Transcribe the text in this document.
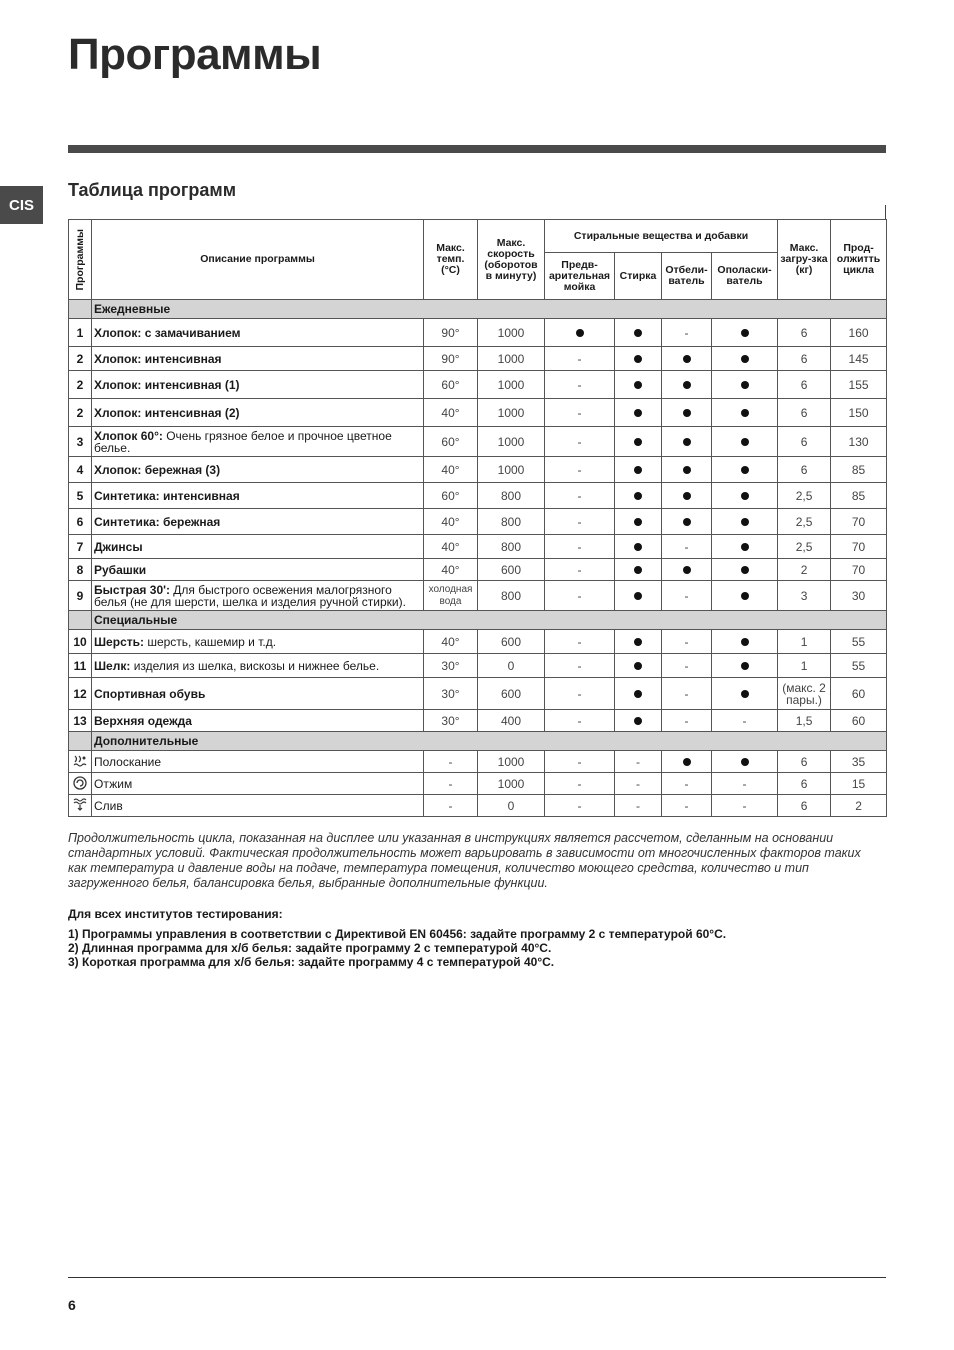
Программы
CIS
Таблица программ
Программы	Описание программы	Макс. темп. (°С)	Макс. скорость (оборотов в минуту)	Стиральные вещества и добавки				Макс. загру-зка (кг)	Прод-олжитть цикла
				Предв-арительная мойка	Стирка	Отбели-ватель	Ополаски-ватель		
	Ежедневные								
1	Хлопок: с замачиванием	90°	1000			-		6	160
2	Хлопок: интенсивная	90°	1000	-				6	145
2	Хлопок: интенсивная (1)	60°	1000	-				6	155
2	Хлопок: интенсивная (2)	40°	1000	-				6	150
3	Хлопок 60°: Очень грязное белое и прочное цветное белье.	60°	1000	-				6	130
4	Хлопок: бережная (3)	40°	1000	-				6	85
5	Синтетика: интенсивная	60°	800	-				2,5	85
6	Синтетика: бережная	40°	800	-				2,5	70
7	Джинсы	40°	800	-		-		2,5	70
8	Рубашки	40°	600	-				2	70
9	Быстрая 30': Для быстрого освежения малогрязного белья (не для шерсти, шелка и изделия ручной стирки).	холодная вода	800	-		-		3	30
	Специальные								
10	Шерсть: шерсть, кашемир и т.д.	40°	600	-		-		1	55
11	Шелк: изделия из шелка, вискозы и нижнее белье.	30°	0	-		-		1	55
12	Спортивная обувь	30°	600	-		-		(макс. 2 пары.)	60
13	Верхняя одежда	30°	400	-		-	-	1,5	60
	Дополнительные								
	Полоскание	-	1000	-	-			6	35
	Отжим	-	1000	-	-	-	-	6	15
	Слив	-	0	-	-	-	-	6	2
Продолжительность цикла, показанная на дисплее или указанная в инструкциях является рассчетом, сделанным на основании стандартных условий. Фактическая продолжительность может варьировать в зависимости от многочисленных факторов таких как температура и давление воды на подаче, температура помещения, количество моющего средства, количество и тип загруженного белья, балансировка белья, выбранные дополнительные функции.
Для всех институтов тестирования:
1) Программы управления в соответствии с Директивой EN 60456: задайте программу 2 с температурой 60°C.
2) Длинная программа для х/б белья: задайте программу 2 с температурой 40°C.
3) Короткая программа для х/б белья: задайте программу 4 с температурой 40°C.
6
